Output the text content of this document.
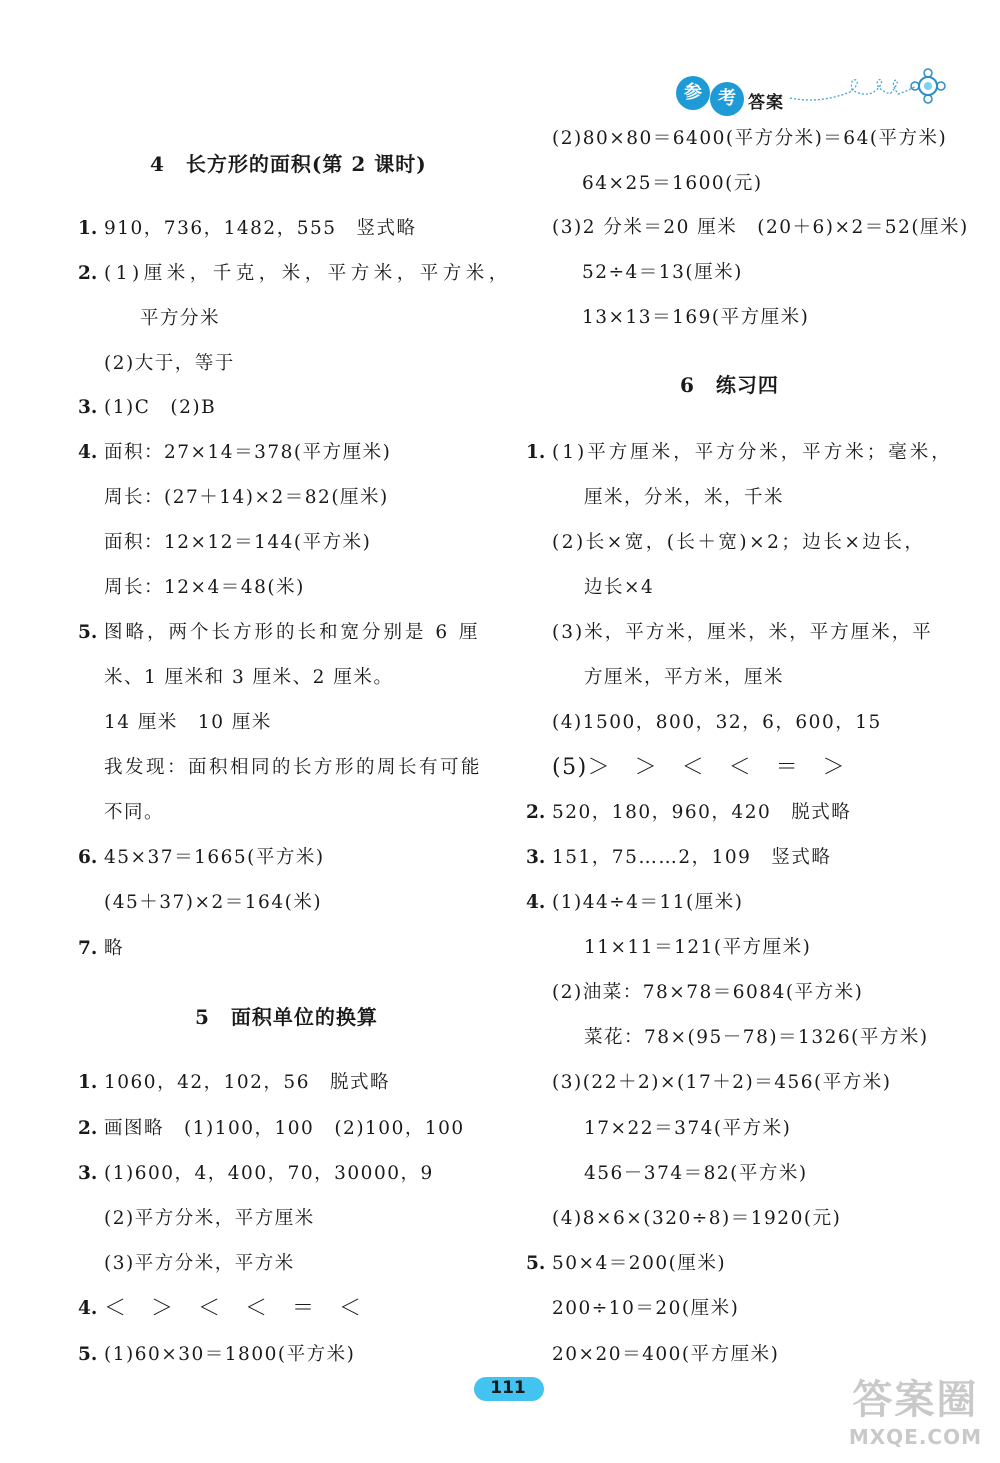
参 考 答案
4　长方形的面积(第 2 课时)
1. 910，736，1482，555　竖式略
2. (1)厘米，千克，米，平方米，平方米，
平方分米
(2)大于，等于
3. (1)C　(2)B
4. 面积：27×14＝378(平方厘米)
周长：(27＋14)×2＝82(厘米)
面积：12×12＝144(平方米)
周长：12×4＝48(米)
5. 图略，两个长方形的长和宽分别是 6 厘
米、1 厘米和 3 厘米、2 厘米。
14 厘米　10 厘米
我发现：面积相同的长方形的周长有可能
不同。
6. 45×37＝1665(平方米)
(45＋37)×2＝164(米)
7. 略
5　面积单位的换算
1. 1060，42，102，56　脱式略
2. 画图略　(1)100，100　(2)100，100
3. (1)600，4，400，70，30000，9
(2)平方分米，平方厘米
(3)平方分米，平方米
4. ＜　＞　＜　＜　＝　＜
5. (1)60×30＝1800(平方米)
(2)80×80＝6400(平方分米)＝64(平方米)
64×25＝1600(元)
(3)2 分米＝20 厘米　(20＋6)×2＝52(厘米)
52÷4＝13(厘米)
13×13＝169(平方厘米)
6　练习四
1. (1)平方厘米，平方分米，平方米；毫米，
厘米，分米，米，千米
(2)长×宽，(长＋宽)×2；边长×边长，
边长×4
(3)米，平方米，厘米，米，平方厘米，平
方厘米，平方米，厘米
(4)1500，800，32，6，600，15
(5)＞　＞　＜　＜　＝　＞
2. 520，180，960，420　脱式略
3. 151，75……2，109　竖式略
4. (1)44÷4＝11(厘米)
11×11＝121(平方厘米)
(2)油菜：78×78＝6084(平方米)
菜花：78×(95－78)＝1326(平方米)
(3)(22＋2)×(17＋2)＝456(平方米)
17×22＝374(平方米)
456－374＝82(平方米)
(4)8×6×(320÷8)＝1920(元)
5. 50×4＝200(厘米)
200÷10＝20(厘米)
20×20＝400(平方厘米)
111	答案圈
MXQE.COM
